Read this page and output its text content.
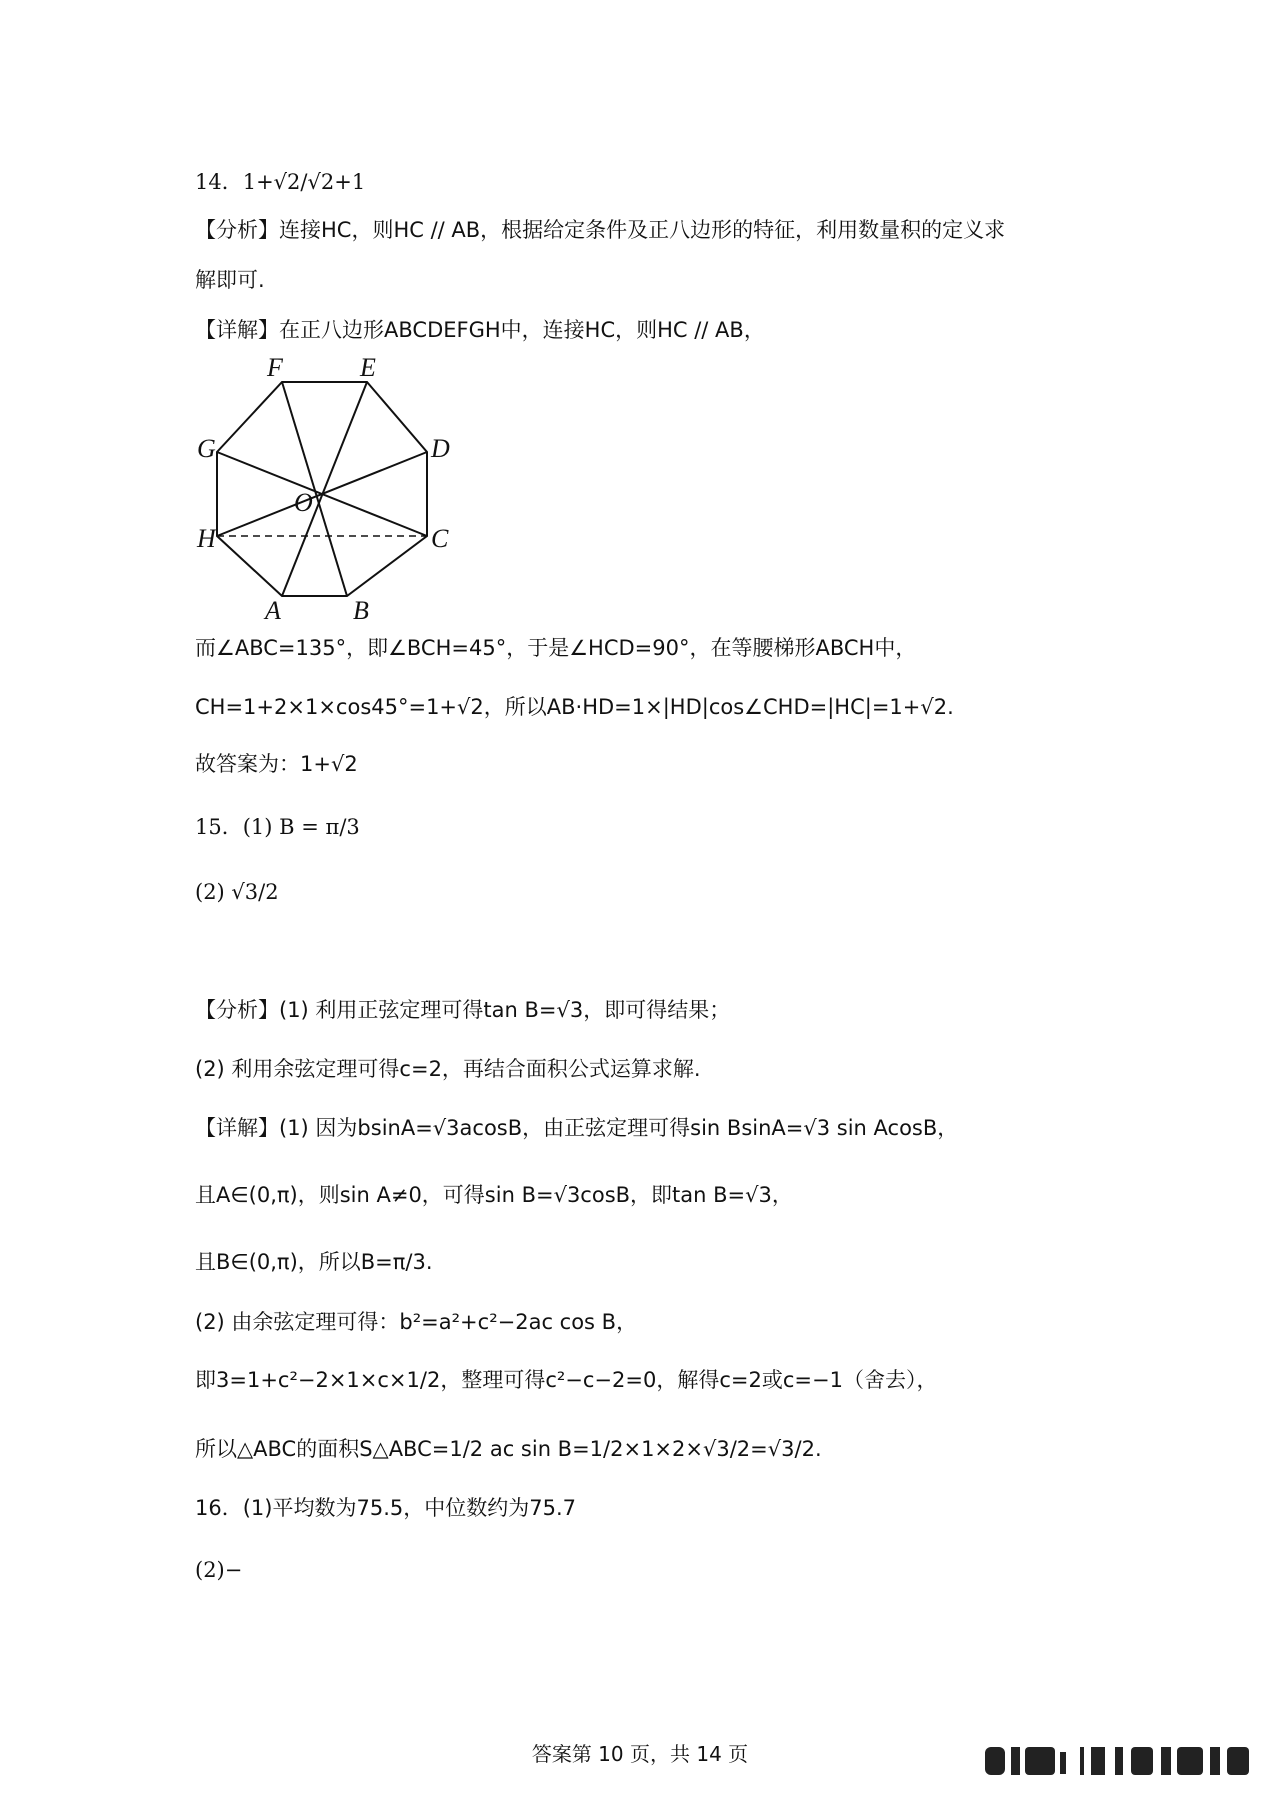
14．1+√2/√2+1
【分析】连接HC，则HC // AB，根据给定条件及正八边形的特征，利用数量积的定义求
解即可.
【详解】在正八边形ABCDEFGH中，连接HC，则HC // AB，
A	B
C
D
E
F
G
H
O
而∠ABC=135°，即∠BCH=45°，于是∠HCD=90°，在等腰梯形ABCH中，
CH=1+2×1×cos45°=1+√2，所以AB·HD=1×|HD|cos∠CHD=|HC|=1+√2.
故答案为：1+√2
15．(1) B = π/3
(2) √3/2
【分析】(1) 利用正弦定理可得tan B=√3，即可得结果；
(2) 利用余弦定理可得c=2，再结合面积公式运算求解.
【详解】(1) 因为bsinA=√3acosB，由正弦定理可得sin BsinA=√3 sin AcosB，
且A∈(0,π)，则sin A≠0，可得sin B=√3cosB，即tan B=√3，
且B∈(0,π)，所以B=π/3.
(2) 由余弦定理可得：b²=a²+c²−2ac cos B，
即3=1+c²−2×1×c×1/2，整理可得c²−c−2=0，解得c=2或c=−1（舍去），
所以△ABC的面积S△ABC=1/2 ac sin B=1/2×1×2×√3/2=√3/2.
16．(1)平均数为75.5，中位数约为75.7
(2)−
答案第 10 页，共 14 页
